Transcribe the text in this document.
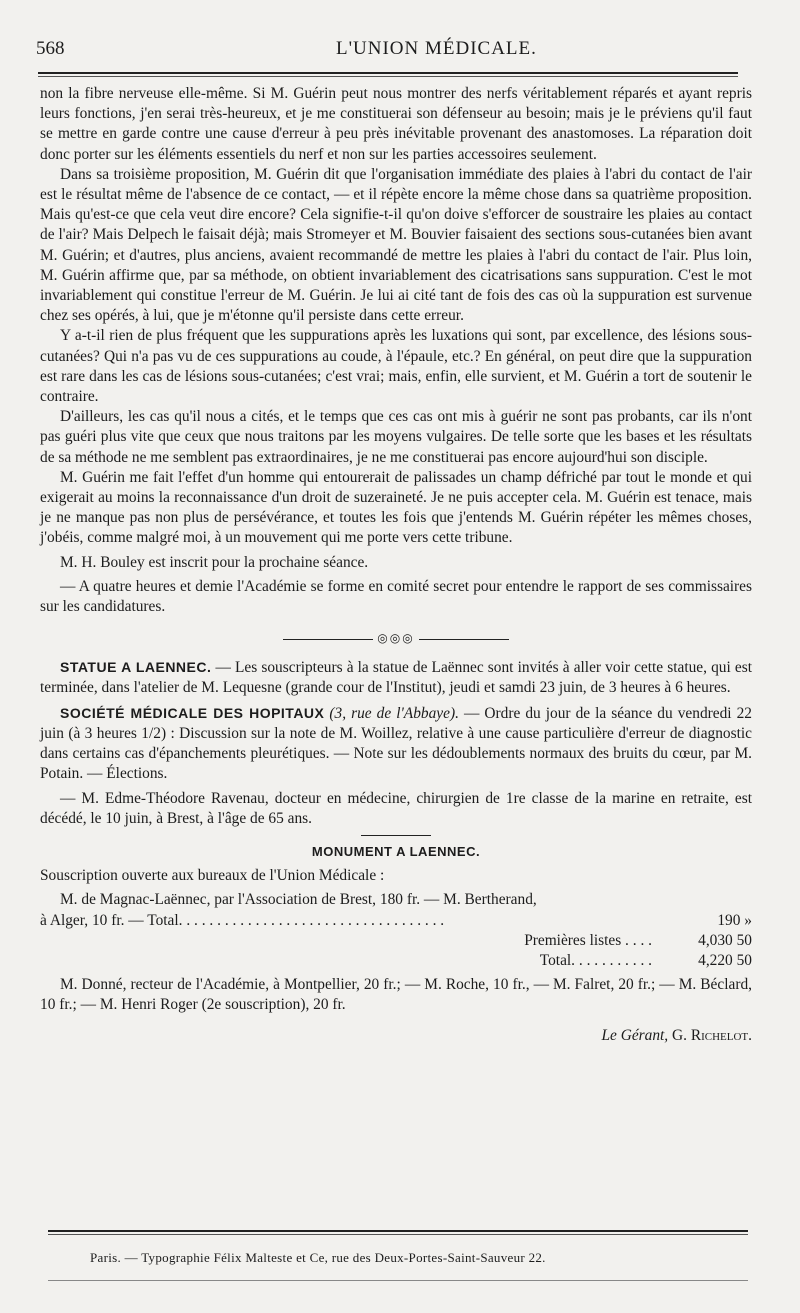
568	L'UNION MÉDICALE.

non la fibre nerveuse elle-même. Si M. Guérin peut nous montrer des nerfs véritablement réparés et ayant repris leurs fonctions, j'en serai très-heureux, et je me constituerai son défenseur au besoin; mais je le préviens qu'il faut se mettre en garde contre une cause d'erreur à peu près inévitable provenant des anastomoses. La réparation doit donc porter sur les éléments essentiels du nerf et non sur les parties accessoires seulement.

Dans sa troisième proposition, M. Guérin dit que l'organisation immédiate des plaies à l'abri du contact de l'air est le résultat même de l'absence de ce contact, — et il répète encore la même chose dans sa quatrième proposition. Mais qu'est-ce que cela veut dire encore? Cela signifie-t-il qu'on doive s'efforcer de soustraire les plaies au contact de l'air? Mais Delpech le faisait déjà; mais Stromeyer et M. Bouvier faisaient des sections sous-cutanées bien avant M. Guérin; et d'autres, plus anciens, avaient recommandé de mettre les plaies à l'abri du contact de l'air. Plus loin, M. Guérin affirme que, par sa méthode, on obtient invariablement des cicatrisations sans suppuration. C'est le mot invariablement qui constitue l'erreur de M. Guérin. Je lui ai cité tant de fois des cas où la suppuration est survenue chez ses opérés, à lui, que je m'étonne qu'il persiste dans cette erreur.

Y a-t-il rien de plus fréquent que les suppurations après les luxations qui sont, par excellence, des lésions sous-cutanées? Qui n'a pas vu de ces suppurations au coude, à l'épaule, etc.? En général, on peut dire que la suppuration est rare dans les cas de lésions sous-cutanées; c'est vrai; mais, enfin, elle survient, et M. Guérin a tort de soutenir le contraire.

D'ailleurs, les cas qu'il nous a cités, et le temps que ces cas ont mis à guérir ne sont pas probants, car ils n'ont pas guéri plus vite que ceux que nous traitons par les moyens vulgaires. De telle sorte que les bases et les résultats de sa méthode ne me semblent pas extraordinaires, je ne me constituerai pas encore aujourd'hui son disciple.

M. Guérin me fait l'effet d'un homme qui entourerait de palissades un champ défriché par tout le monde et qui exigerait au moins la reconnaissance d'un droit de suzeraineté. Je ne puis accepter cela. M. Guérin est tenace, mais je ne manque pas non plus de persévérance, et toutes les fois que j'entends M. Guérin répéter les mêmes choses, j'obéis, comme malgré moi, à un mouvement qui me porte vers cette tribune.

M. H. Bouley est inscrit pour la prochaine séance.

— A quatre heures et demie l'Académie se forme en comité secret pour entendre le rapport de ses commissaires sur les candidatures.

◎◎◎

STATUE A LAENNEC. — Les souscripteurs à la statue de Laënnec sont invités à aller voir cette statue, qui est terminée, dans l'atelier de M. Lequesne (grande cour de l'Institut), jeudi et samdi 23 juin, de 3 heures à 6 heures.

SOCIÉTÉ MÉDICALE DES HOPITAUX (3, rue de l'Abbaye). — Ordre du jour de la séance du vendredi 22 juin (à 3 heures 1/2) : Discussion sur la note de M. Woillez, relative à une cause particulière d'erreur de diagnostic dans certains cas d'épanchements pleurétiques. — Note sur les dédoublements normaux des bruits du cœur, par M. Potain. — Élections.

— M. Edme-Théodore Ravenau, docteur en médecine, chirurgien de 1re classe de la marine en retraite, est décédé, le 10 juin, à Brest, à l'âge de 65 ans.

MONUMENT A LAENNEC.

Souscription ouverte aux bureaux de l'Union Médicale :

M. de Magnac-Laënnec, par l'Association de Brest, 180 fr. — M. Bertherand,

à Alger, 10 fr. — Total. . . . . . . . . . . . . . . . . . . . . . . . . . . . . . . . . . .	190 »
Premières listes . . . .	4,030 50
Total. . . . . . . . . . .	4,220 50

M. Donné, recteur de l'Académie, à Montpellier, 20 fr.; — M. Roche, 10 fr., — M. Falret, 20 fr.; — M. Béclard, 10 fr.; — M. Henri Roger (2e souscription), 20 fr.

Le Gérant, G. Richelot.
Paris. — Typographie Félix Malteste et Ce, rue des Deux-Portes-Saint-Sauveur 22.
